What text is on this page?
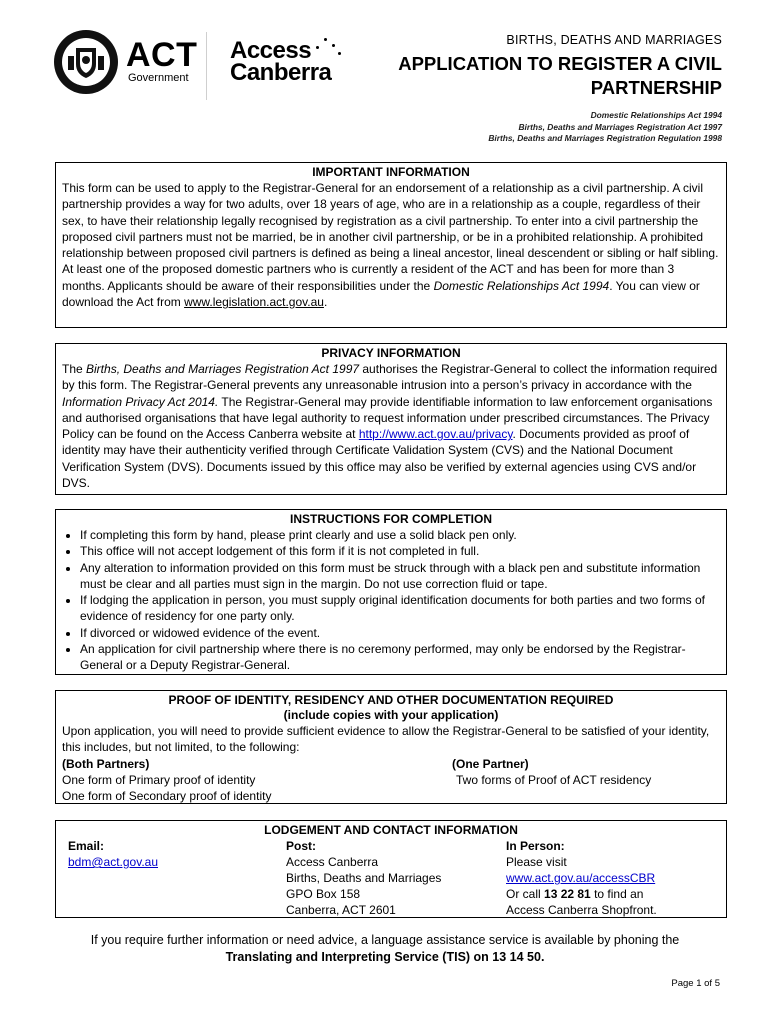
ACT
Government
Access
Canberra
BIRTHS, DEATHS AND MARRIAGES
APPLICATION TO REGISTER A CIVIL
PARTNERSHIP
Domestic Relationships Act 1994
Births, Deaths and Marriages Registration Act 1997
Births, Deaths and Marriages Registration Regulation 1998
IMPORTANT INFORMATION
This form can be used to apply to the Registrar-General for an endorsement of a relationship as a civil partnership. A civil partnership provides a way for two adults, over 18 years of age, who are in a relationship as a couple, regardless of their sex, to have their relationship legally recognised by registration as a civil partnership. To enter into a civil partnership the proposed civil partners must not be married, be in another civil partnership, or be in a prohibited relationship. A prohibited relationship between proposed civil partners is defined as being a lineal ancestor, lineal descendent or sibling or half sibling. At least one of the proposed domestic partners who is currently a resident of the ACT and has been for more than 3 months. Applicants should be aware of their responsibilities under the Domestic Relationships Act 1994. You can view or download the Act from www.legislation.act.gov.au.
PRIVACY INFORMATION
The Births, Deaths and Marriages Registration Act 1997 authorises the Registrar-General to collect the information required by this form. The Registrar-General prevents any unreasonable intrusion into a person’s privacy in accordance with the Information Privacy Act 2014. The Registrar-General may provide identifiable information to law enforcement organisations and authorised organisations that have legal authority to request information under prescribed circumstances. The Privacy Policy can be found on the Access Canberra website at http://www.act.gov.au/privacy. Documents provided as proof of identity may have their authenticity verified through Certificate Validation System (CVS) and the National Document Verification System (DVS). Documents issued by this office may also be verified by external agencies using CVS and/or DVS.
INSTRUCTIONS FOR COMPLETION
• If completing this form by hand, please print clearly and use a solid black pen only.
• This office will not accept lodgement of this form if it is not completed in full.
• Any alteration to information provided on this form must be struck through with a black pen and substitute information must be clear and all parties must sign in the margin. Do not use correction fluid or tape.
• If lodging the application in person, you must supply original identification documents for both parties and two forms of evidence of residency for one party only.
• If divorced or widowed evidence of the event.
• An application for civil partnership where there is no ceremony performed, may only be endorsed by the Registrar-General or a Deputy Registrar-General.
PROOF OF IDENTITY, RESIDENCY AND OTHER DOCUMENTATION REQUIRED
(include copies with your application)
Upon application, you will need to provide sufficient evidence to allow the Registrar-General to be satisfied of your identity, this includes, but not limited, to the following:
(Both Partners)
One form of Primary proof of identity
One form of Secondary proof of identity
(One Partner)
Two forms of Proof of ACT residency
LODGEMENT AND CONTACT INFORMATION
Email:
bdm@act.gov.au
Post:
Access Canberra
Births, Deaths and Marriages
GPO Box 158
Canberra, ACT 2601
In Person:
Please visit
www.act.gov.au/accessCBR
Or call 13 22 81 to find an
Access Canberra Shopfront.
If you require further information or need advice, a language assistance service is available by phoning the
Translating and Interpreting Service (TIS) on 13 14 50.
Page 1 of 5
